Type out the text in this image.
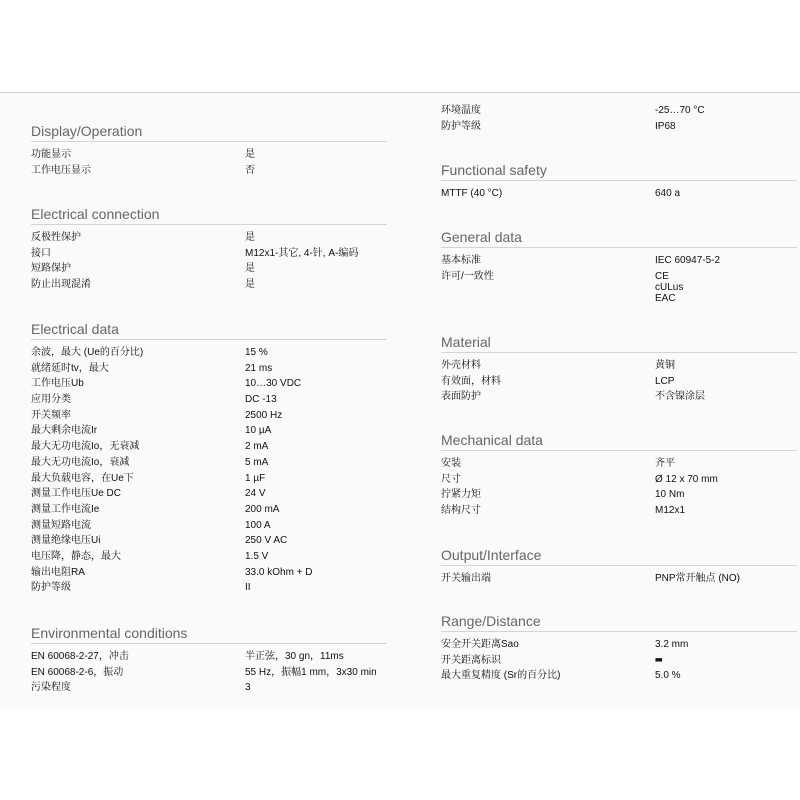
Display/Operation
功能显示	是
工作电压显示	否
Electrical connection
反极性保护	是
接口	M12x1-其它, 4-针, A-编码
短路保护	是
防止出现混淆	是
Electrical data
余波，最大 (Ue的百分比)	15 %
就绪延时tv，最大	21 ms
工作电压Ub	10…30 VDC
应用分类	DC -13
开关频率	2500 Hz
最大剩余电流Ir	10 µA
最大无功电流Io，无衰减	2 mA
最大无功电流Io，衰减	5 mA
最大负载电容，在Ue下	1 µF
测量工作电压Ue DC	24 V
测量工作电流Ie	200 mA
测量短路电流	100 A
测量绝缘电压Ui	250 V AC
电压降，静态，最大	1.5 V
输出电阻RA	33.0 kOhm + D
防护等级	II
Environmental conditions
EN 60068-2-27，冲击	半正弦，30 gn，11ms
EN 60068-2-6，振动	55 Hz，振幅1 mm，3x30 min
污染程度	3
环境温度	-25…70 °C
防护等级	IP68
Functional safety
MTTF (40 °C)	640 a
General data
基本标准	IEC 60947-5-2
许可/一致性	CE
cULus
EAC
Material
外壳材料	黄铜
有效面，材料	LCP
表面防护	不含镍涂层
Mechanical data
安装	齐平
尺寸	Ø 12 x 70 mm
拧紧力矩	10 Nm
结构尺寸	M12x1
Output/Interface
开关输出端	PNP常开触点 (NO)
Range/Distance
安全开关距离Sao	3.2 mm
开关距离标识	■■
最大重复精度 (Sr的百分比)	5.0 %
